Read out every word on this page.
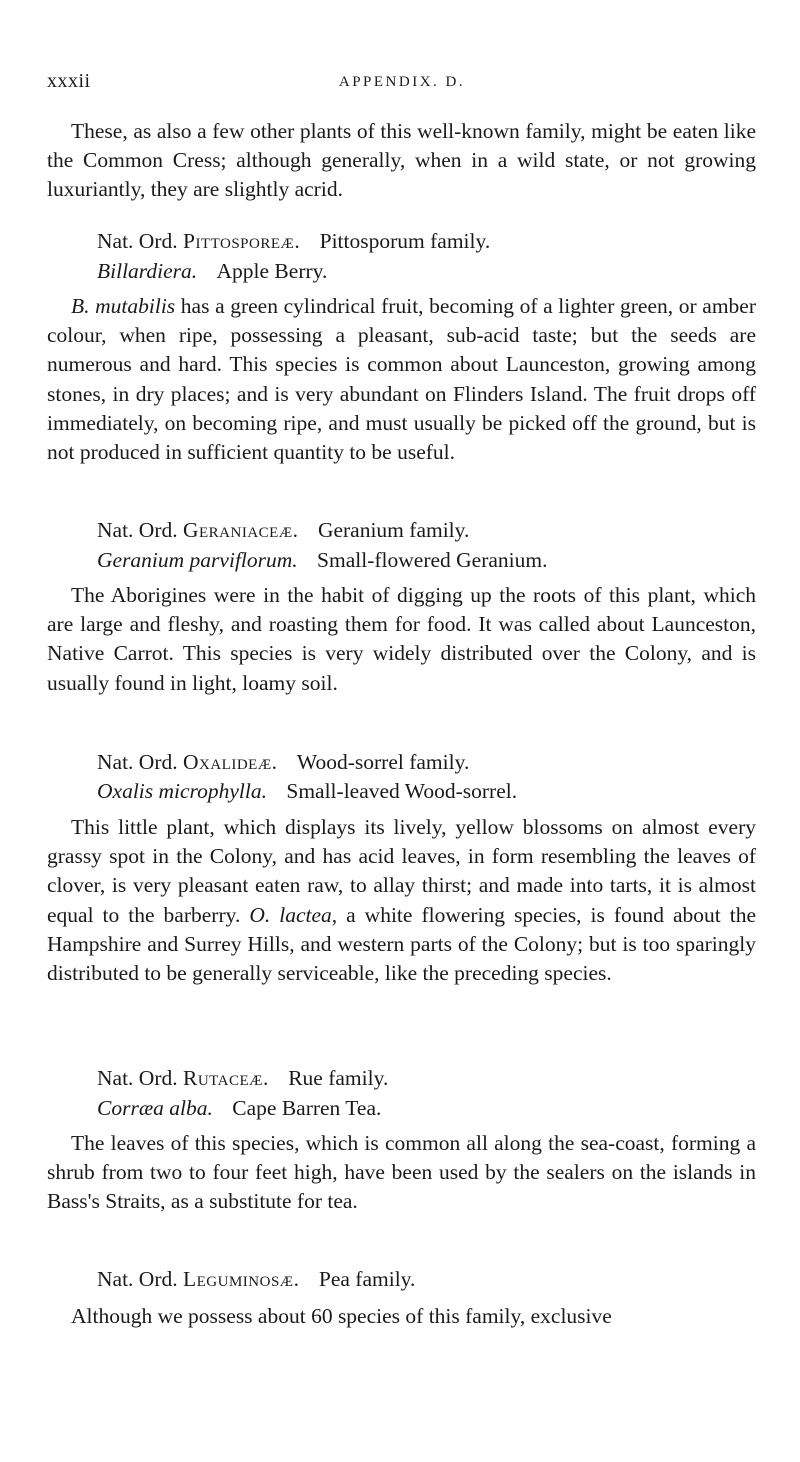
xxxii	APPENDIX. D.

These, as also a few other plants of this well-known family, might be eaten like the Common Cress; although generally, when in a wild state, or not growing luxuriantly, they are slightly acrid.

Nat. Ord. Pittosporeæ. Pittosporum family.
Billardiera. Apple Berry.

B. mutabilis has a green cylindrical fruit, becoming of a lighter green, or amber colour, when ripe, possessing a pleasant, sub-acid taste; but the seeds are numerous and hard. This species is common about Launceston, growing among stones, in dry places; and is very abundant on Flinders Island. The fruit drops off immediately, on becoming ripe, and must usually be picked off the ground, but is not produced in sufficient quantity to be useful.

Nat. Ord. Geraniaceæ. Geranium family.
Geranium parviflorum. Small-flowered Geranium.

The Aborigines were in the habit of digging up the roots of this plant, which are large and fleshy, and roasting them for food. It was called about Launceston, Native Carrot. This species is very widely distributed over the Colony, and is usually found in light, loamy soil.

Nat. Ord. Oxalideæ. Wood-sorrel family.
Oxalis microphylla. Small-leaved Wood-sorrel.

This little plant, which displays its lively, yellow blossoms on almost every grassy spot in the Colony, and has acid leaves, in form resembling the leaves of clover, is very pleasant eaten raw, to allay thirst; and made into tarts, it is almost equal to the barberry. O. lactea, a white flowering species, is found about the Hampshire and Surrey Hills, and western parts of the Colony; but is too sparingly distributed to be generally serviceable, like the preceding species.

Nat. Ord. Rutaceæ. Rue family.
Corræa alba. Cape Barren Tea.

The leaves of this species, which is common all along the sea-coast, forming a shrub from two to four feet high, have been used by the sealers on the islands in Bass's Straits, as a substitute for tea.

Nat. Ord. Leguminosæ. Pea family.

Although we possess about 60 species of this family, exclusive
